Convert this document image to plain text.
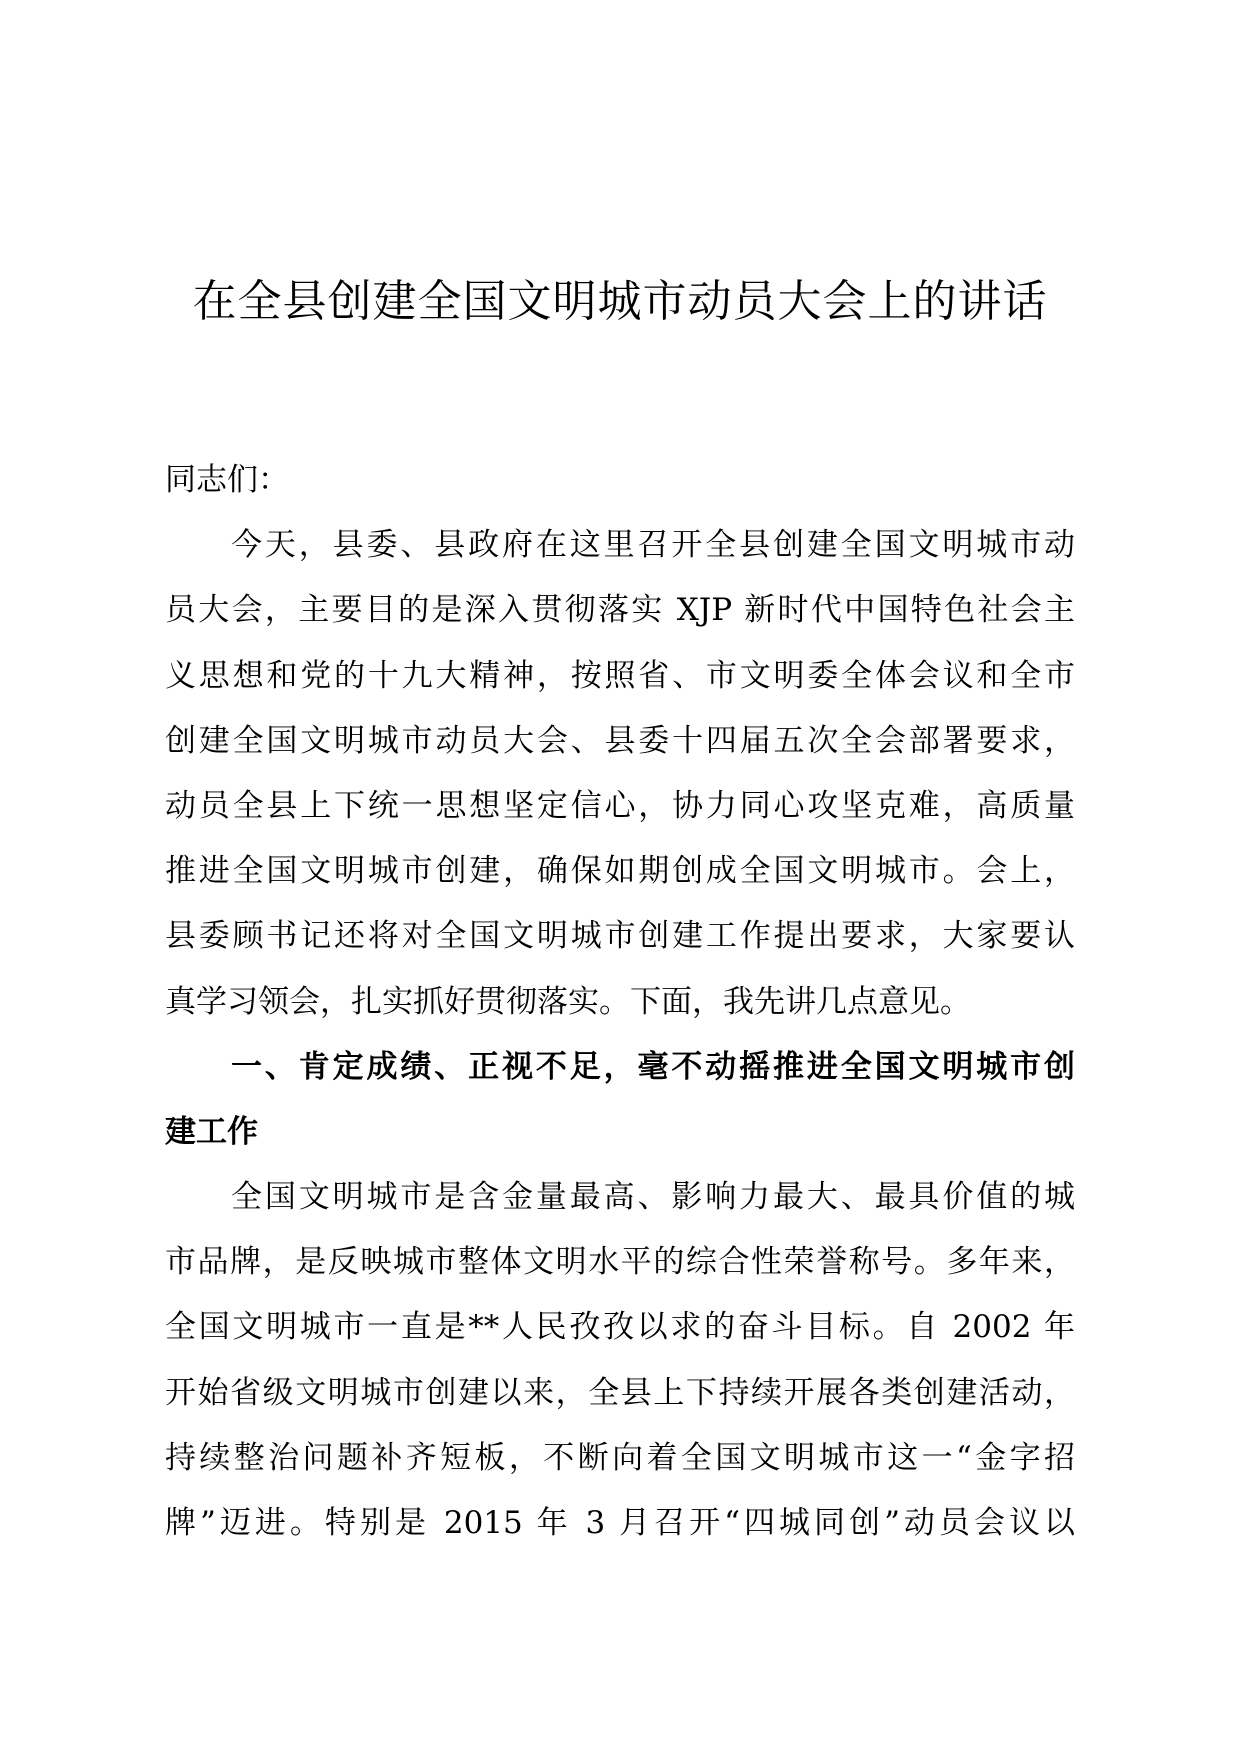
在全县创建全国文明城市动员大会上的讲话
同志们：
今天，县委、县政府在这里召开全县创建全国文明城市动
员大会，主要目的是深入贯彻落实 XJP 新时代中国特色社会主
义思想和党的十九大精神，按照省、市文明委全体会议和全市
创建全国文明城市动员大会、县委十四届五次全会部署要求，
动员全县上下统一思想坚定信心，协力同心攻坚克难，高质量
推进全国文明城市创建，确保如期创成全国文明城市。会上，
县委顾书记还将对全国文明城市创建工作提出要求，大家要认
真学习领会，扎实抓好贯彻落实。下面，我先讲几点意见。
一、肯定成绩、正视不足，毫不动摇推进全国文明城市创
建工作
全国文明城市是含金量最高、影响力最大、最具价值的城
市品牌，是反映城市整体文明水平的综合性荣誉称号。多年来，
全国文明城市一直是**人民孜孜以求的奋斗目标。自 2002 年
开始省级文明城市创建以来，全县上下持续开展各类创建活动，
持续整治问题补齐短板，不断向着全国文明城市这一“金字招
牌”迈进。特别是 2015 年 3 月召开“四城同创”动员会议以
